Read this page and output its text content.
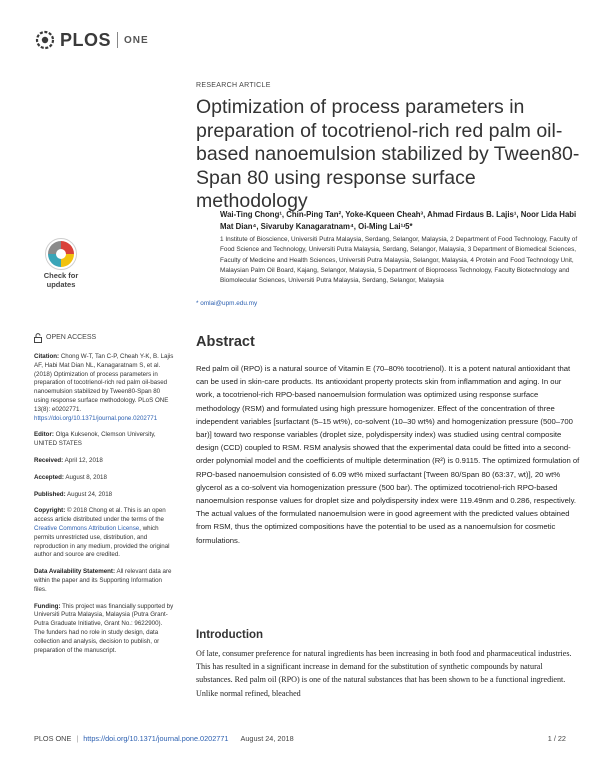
PLOS ONE
RESEARCH ARTICLE
Optimization of process parameters in preparation of tocotrienol-rich red palm oil-based nanoemulsion stabilized by Tween80-Span 80 using response surface methodology
Wai-Ting Chong¹, Chin-Ping Tan², Yoke-Kqueen Cheah³, Ahmad Firdaus B. Lajis¹, Noor Lida Habi Mat Dian⁴, Sivaruby Kanagaratnam⁴, Oi-Ming Lai¹ʴ5*
1 Institute of Bioscience, Universiti Putra Malaysia, Serdang, Selangor, Malaysia, 2 Department of Food Technology, Faculty of Food Science and Technology, Universiti Putra Malaysia, Serdang, Selangor, Malaysia, 3 Department of Biomedical Sciences, Faculty of Medicine and Health Sciences, Universiti Putra Malaysia, Selangor, Malaysia, 4 Protein and Food Technology Unit, Malaysian Palm Oil Board, Kajang, Selangor, Malaysia, 5 Department of Bioprocess Technology, Faculty Biotechnology and Biomolecular Sciences, Universiti Putra Malaysia, Serdang, Selangor, Malaysia
* omlai@upm.edu.my
Check for
updates
OPEN ACCESS
Citation: Chong W-T, Tan C-P, Cheah Y-K, B. Lajis AF, Habi Mat Dian NL, Kanagaratnam S, et al. (2018) Optimization of process parameters in preparation of tocotrienol-rich red palm oil-based nanoemulsion stabilized by Tween80-Span 80 using response surface methodology. PLoS ONE 13(8): e0202771. https://doi.org/10.1371/journal.pone.0202771
Editor: Olga Kuksenok, Clemson University, UNITED STATES
Received: April 12, 2018
Accepted: August 8, 2018
Published: August 24, 2018
Copyright: © 2018 Chong et al. This is an open access article distributed under the terms of the Creative Commons Attribution License, which permits unrestricted use, distribution, and reproduction in any medium, provided the original author and source are credited.
Data Availability Statement: All relevant data are within the paper and its Supporting Information files.
Funding: This project was financially supported by Universiti Putra Malaysia, Malaysia (Putra Grant-Putra Graduate Initiative, Grant No.: 9622900). The funders had no role in study design, data collection and analysis, decision to publish, or preparation of the manuscript.
Abstract

Red palm oil (RPO) is a natural source of Vitamin E (70–80% tocotrienol). It is a potent natural antioxidant that can be used in skin-care products. Its antioxidant property protects skin from inflammation and aging. In our work, a tocotrienol-rich RPO-based nanoemulsion formulation was optimized using response surface methodology (RSM) and formulated using high pressure homogenizer. Effect of the concentration of three independent variables [surfactant (5–15 wt%), co-solvent (10–30 wt%) and homogenization pressure (500–700 bar)] toward two response variables (droplet size, polydispersity index) was studied using central composite design (CCD) coupled to RSM. RSM analysis showed that the experimental data could be fitted into a second-order polynomial model and the coefficients of multiple determination (R²) is 0.9115. The optimized formulation of RPO-based nanoemulsion consisted of 6.09 wt% mixed surfactant [Tween 80/Span 80 (63:37, wt)], 20 wt% glycerol as a co-solvent via homogenization pressure (500 bar). The optimized tocotrienol-rich RPO-based nanoemulsion response values for droplet size and polydispersity index were 119.49nm and 0.286, respectively. The actual values of the formulated nanoemulsion were in good agreement with the predicted values obtained from RSM, thus the optimized compositions have the potential to be used as a nanoemulsion for cosmetic formulations.

Introduction

Of late, consumer preference for natural ingredients has been increasing in both food and pharmaceutical industries. This has resulted in a significant increase in demand for the substitution of synthetic compounds by natural substances. Red palm oil (RPO) is one of the natural substances that has been shown to be a functional ingredient. Unlike normal refined, bleached

PLOS ONE | https://doi.org/10.1371/journal.pone.0202771
August 24, 2018	1 / 22
